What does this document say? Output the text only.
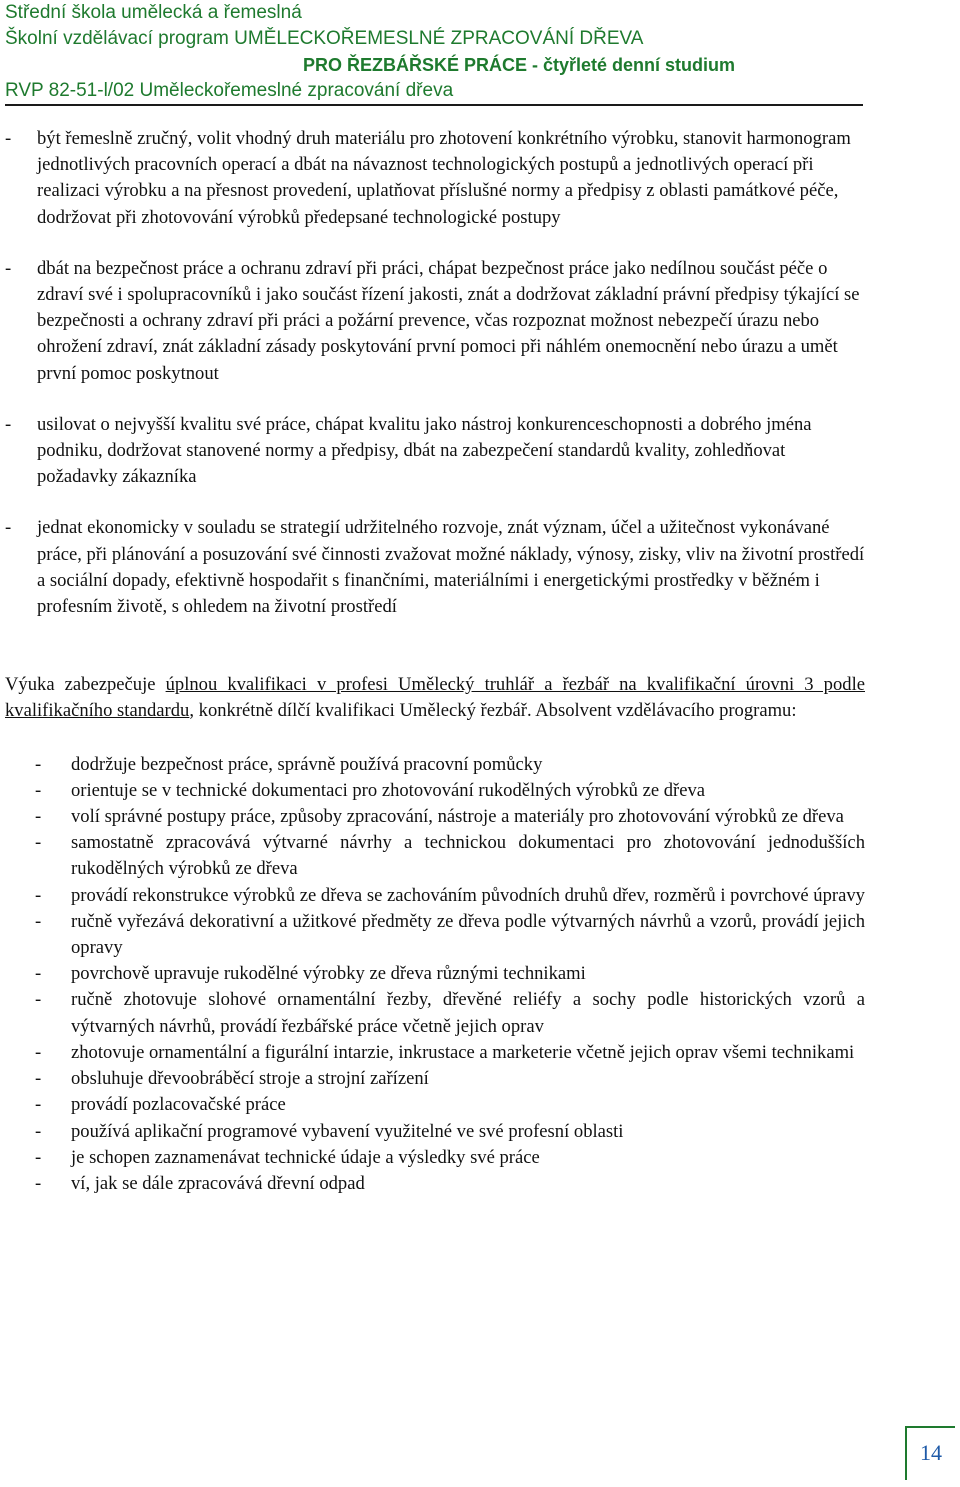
Střední škola umělecká a řemeslná
Školní vzdělávací program UMĚLECKOŘEMESLNÉ ZPRACOVÁNÍ DŘEVA
PRO ŘEZBÁŘSKÉ PRÁCE - čtyřleté denní studium
RVP 82-51-l/02 Uměleckořemeslné zpracování dřeva
- být řemeslně zručný, volit vhodný druh materiálu pro zhotovení konkrétního výrobku, stanovit harmonogram jednotlivých pracovních operací a dbát na návaznost technologických postupů a jednotlivých operací při realizaci výrobku a na přesnost provedení, uplatňovat příslušné normy a předpisy z oblasti památkové péče, dodržovat při zhotovování výrobků předepsané technologické postupy
- dbát na bezpečnost práce a ochranu zdraví při práci, chápat bezpečnost práce jako nedílnou součást péče o zdraví své i spolupracovníků i jako součást řízení jakosti, znát a dodržovat základní právní předpisy týkající se bezpečnosti a ochrany zdraví při práci a požární prevence, včas rozpoznat možnost nebezpečí úrazu nebo ohrožení zdraví, znát základní zásady poskytování první pomoci při náhlém onemocnění nebo úrazu a umět první pomoc poskytnout
- usilovat o nejvyšší kvalitu své práce, chápat kvalitu jako nástroj konkurenceschopnosti a dobrého jména podniku, dodržovat stanovené normy a předpisy, dbát na zabezpečení standardů kvality, zohledňovat požadavky zákazníka
- jednat ekonomicky v souladu se strategií udržitelného rozvoje, znát význam, účel a užitečnost vykonávané práce, při plánování a posuzování své činnosti zvažovat možné náklady, výnosy, zisky, vliv na životní prostředí a sociální dopady, efektivně hospodařit s finančními, materiálními i energetickými prostředky v běžném i profesním životě, s ohledem na životní prostředí

Výuka zabezpečuje úplnou kvalifikaci v profesi Umělecký truhlář a řezbář na kvalifikační úrovni 3 podle kvalifikačního standardu, konkrétně dílčí kvalifikaci Umělecký řezbář. Absolvent vzdělávacího programu:

- dodržuje bezpečnost práce, správně používá pracovní pomůcky
- orientuje se v technické dokumentaci pro zhotovování rukodělných výrobků ze dřeva
- volí správné postupy práce, způsoby zpracování, nástroje a materiály pro zhotovování výrobků ze dřeva
- samostatně zpracovává výtvarné návrhy a technickou dokumentaci pro zhotovování jednodušších rukodělných výrobků ze dřeva
- provádí rekonstrukce výrobků ze dřeva se zachováním původních druhů dřev, rozměrů i povrchové úpravy
- ručně vyřezává dekorativní a užitkové předměty ze dřeva podle výtvarných návrhů a vzorů, provádí jejich opravy
- povrchově upravuje rukodělné výrobky ze dřeva různými technikami
- ručně zhotovuje slohové ornamentální řezby, dřevěné reliéfy a sochy podle historických vzorů a výtvarných návrhů, provádí řezbářské práce včetně jejich oprav
- zhotovuje ornamentální a figurální intarzie, inkrustace a marketerie včetně jejich oprav všemi technikami
- obsluhuje dřevoobráběcí stroje a strojní zařízení
- provádí pozlacovačské práce
- používá aplikační programové vybavení využitelné ve své profesní oblasti
- je schopen zaznamenávat technické údaje a výsledky své práce
- ví, jak se dále zpracovává dřevní odpad
14
